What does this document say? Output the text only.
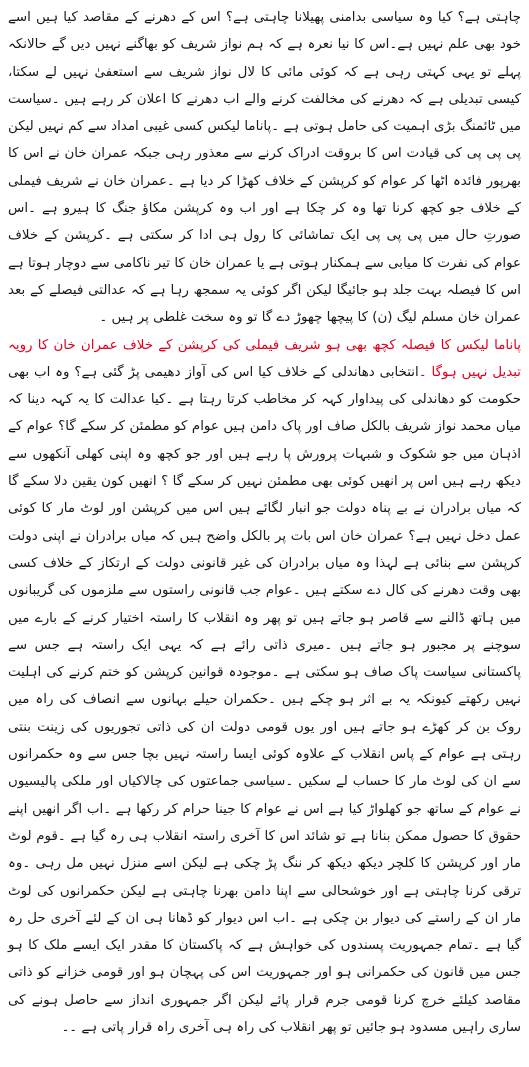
چاہتی ہے؟ کیا وہ سیاسی بدامنی پھیلانا چاہتی ہے؟ اس کے دھرنے کے مقاصد کیا ہیں اسے خود بھی علم نہیں ہے۔اس کا نیا نعرہ ہے کہ ہم نواز شریف کو بھاگنے نہیں دیں گے حالانکہ پہلے تو یہی کہتی رہی ہے کہ کوئی مائی کا لال نواز شریف سے استعفیٰ نہیں لے سکتا، کیسی تبدیلی ہے کہ دھرنے کی مخالفت کرنے والے اب دھرنے کا اعلان کر رہے ہیں ۔سیاست میں ٹائمنگ بڑی اہمیت کی حامل ہوتی ہے ۔پاناما لیکس کسی غیبی امداد سے کم نہیں لیکن پی پی پی کی قیادت اس کا بروقت ادراک کرنے سے معذور رہی جبکہ عمران خان نے اس کا بھرپور فائدہ اٹھا کر عوام کو کرپشن کے خلاف کھڑا کر دیا ہے ۔عمران خان نے شریف فیملی کے خلاف جو کچھ کرنا تھا وہ کر چکا ہے اور اب وہ کرپشن مکاؤ جنگ کا ہیرو ہے ۔اس صورتِ حال میں پی پی پی ایک تماشائی کا رول ہی ادا کر سکتی ہے ۔کرپشن کے خلاف عوام کی نفرت کا میابی سے ہمکنار ہوتی ہے یا عمران خان کا تیر ناکامی سے دوچار ہوتا ہے اس کا فیصلہ بہت جلد ہو جائیگا لیکن اگر کوئی یہ سمجھ رہا ہے کہ عدالتی فیصلے کے بعد عمران خان مسلم لیگ (ن) کا پیچھا چھوڑ دے گا تو وہ سخت غلطی پر ہیں ۔

پاناما لیکس کا فیصلہ کچھ بھی ہو شریف فیملی کی کرپشن کے خلاف عمران خان کا رویہ تبدیل نہیں ہوگا ۔انتخابی دھاندلی کے خلاف کیا اس کی آواز دھیمی پڑ گئی ہے؟ وہ اب بھی حکومت کو دھاندلی کی پیداوار کہہ کر مخاطب کرتا رہتا ہے ۔کیا عدالت کا یہ کہہ دینا کہ میاں محمد نواز شریف بالکل صاف اور پاک دامن ہیں عوام کو مطمئن کر سکے گا؟ عوام کے اذہان میں جو شکوک و شبہات پرورش پا رہے ہیں اور جو کچھ وہ اپنی کھلی آنکھوں سے دیکھ رہے ہیں اس پر انھیں کوئی بھی مطمئن نہیں کر سکے گا ؟ انھیں کون یقین دلا سکے گا کہ میاں برادران نے بے پناہ دولت جو انبار لگائے ہیں اس میں کرپشن اور لوٹ مار کا کوئی عمل دخل نہیں ہے؟ عمران خان اس بات پر بالکل واضح ہیں کہ میاں برادران نے اپنی دولت کرپشن سے بنائی ہے لہذا وہ میاں برادران کی غیر قانونی دولت کے ارتکاز کے خلاف کسی بھی وقت دھرنے کی کال دے سکتے ہیں ۔عوام جب قانونی راستوں سے ملزموں کی گریبانوں میں ہاتھ ڈالنے سے قاصر ہو جاتے ہیں تو پھر وہ انقلاب کا راستہ اختیار کرنے کے بارے میں سوچنے پر مجبور ہو جاتے ہیں ۔میری ذاتی رائے ہے کہ یہی ایک راستہ ہے جس سے پاکستانی سیاست پاک صاف ہو سکتی ہے ۔موجودہ قوانین کرپشن کو ختم کرنے کی اہلیت نہیں رکھتے کیونکہ یہ بے اثر ہو چکے ہیں ۔حکمران حیلے بہانوں سے انصاف کی راہ میں روک بن کر کھڑے ہو جاتے ہیں اور یوں قومی دولت ان کی ذاتی تجوریوں کی زینت بنتی رہتی ہے عوام کے پاس انقلاب کے علاوہ کوئی ایسا راستہ نہیں بچا جس سے وہ حکمرانوں سے ان کی لوٹ مار کا حساب لے سکیں ۔سیاسی جماعتوں کی چالاکیاں اور ملکی پالیسیوں نے عوام کے ساتھ جو کھلواڑ کیا ہے اس نے عوام کا جینا حرام کر رکھا ہے ۔اب اگر انھیں اپنے حقوق کا حصول ممکن بنانا ہے تو شائد اس کا آخری راستہ انقلاب ہی رہ گیا ہے ۔قوم لوٹ مار اور کرپشن کا کلچر دیکھ دیکھ کر ننگ پڑ چکی ہے لیکن اسے منزل نہیں مل رہی ۔وہ ترقی کرنا چاہتی ہے اور خوشحالی سے اپنا دامن بھرنا چاہتی ہے لیکن حکمرانوں کی لوٹ مار ان کے راستے کی دیوار بن چکی ہے ۔اب اس دیوار کو ڈھانا ہی ان کے لئے آخری حل رہ گیا ہے ۔تمام جمہوریت پسندوں کی خواہش ہے کہ پاکستان کا مقدر ایک ایسے ملک کا ہو جس میں قانون کی حکمرانی ہو اور جمہوریت اس کی پہچان ہو اور قومی خزانے کو ذاتی مقاصد کیلئے خرچ کرنا قومی جرم قرار پائے لیکن اگر جمہوری انداز سے حاصل ہونے کی ساری راہیں مسدود ہو جائیں تو پھر انقلاب کی راہ ہی آخری راہ قرار پاتی ہے ۔۔
